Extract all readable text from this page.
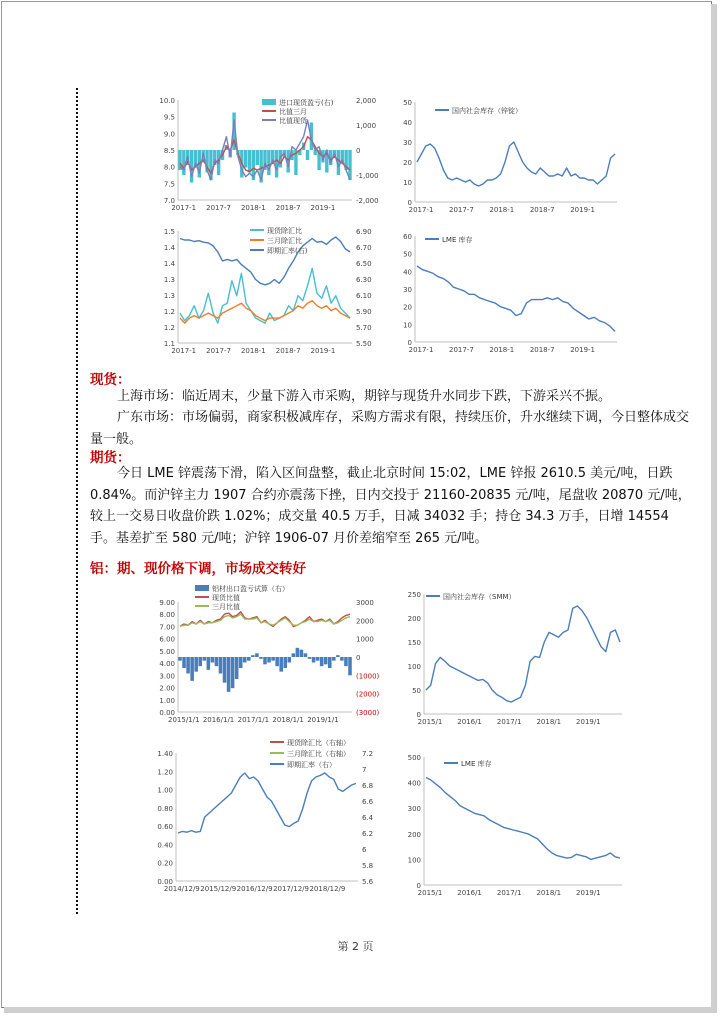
10.0
9.5
9.0
8.5
8.0
7.5
7.0
2,000
1,000
0
-1,000
-2,000
2017-1 2017-7 2018-1 2018-7 2019-1
进口现货盈亏(右)
比值三月
比值现货
50
40
30
20
10
0
2017-1 2017-7 2018-1 2018-7 2019-1
国内社会库存（锌锭）
1.5
1.4
1.4
1.3
1.3
1.2
1.2
1.1
6.90
6.70
6.50
6.30
6.10
5.90
5.70
5.50
2017-1 2017-7 2018-1 2018-7 2019-1
现货除汇比
三月除汇比
即期汇率(右)
60
50
40
30
20
10
0
2017-1 2017-7 2018-1 2018-7 2019-1
LME 库存
9.00
8.00
7.00
6.00
5.00
4.00
3.00
2.00
1.00
0.00
3000
2000
1000
0
(1000)
(2000)
(3000)
2015/1/1 2016/1/1 2017/1/1 2018/1/1 2019/1/1
铝材出口盈亏试算（右）
现货比值
三月比值
250
200
150
100
50
0
2015/1 2016/1 2017/1 2018/1 2019/1
国内社会库存（SMM）
1.40
1.20
1.00
0.80
0.60
0.40
0.20
0.00
7.2
7
6.8
6.6
6.4
6.2
6
5.8
5.6
2014/12/9 2015/12/9 2016/12/9 2017/12/9 2018/12/9
现货除汇比（右轴）
三月除汇比（右轴）
即期汇率（右）
500
400
300
200
100
0
2015/1 2016/1 2017/1 2018/1 2019/1
LME 库存
现货：
上海市场：临近周末，少量下游入市采购，期锌与现货升水同步下跌，下游采兴不振。
广东市场：市场偏弱，商家积极减库存，采购方需求有限，持续压价，升水继续下调，今日整体成交量一般。
期货：
今日 LME 锌震荡下滑，陷入区间盘整，截止北京时间 15:02，LME 锌报 2610.5 美元/吨，日跌 0.84%。而沪锌主力 1907 合约亦震荡下挫，日内交投于 21160-20835 元/吨，尾盘收 20870 元/吨，较上一交易日收盘价跌 1.02%；成交量 40.5 万手，日减 34032 手；持仓 34.3 万手，日增 14554 手。基差扩至 580 元/吨；沪锌 1906-07 月价差缩窄至 265 元/吨。
铝：期、现价格下调，市场成交转好
第 2 页
